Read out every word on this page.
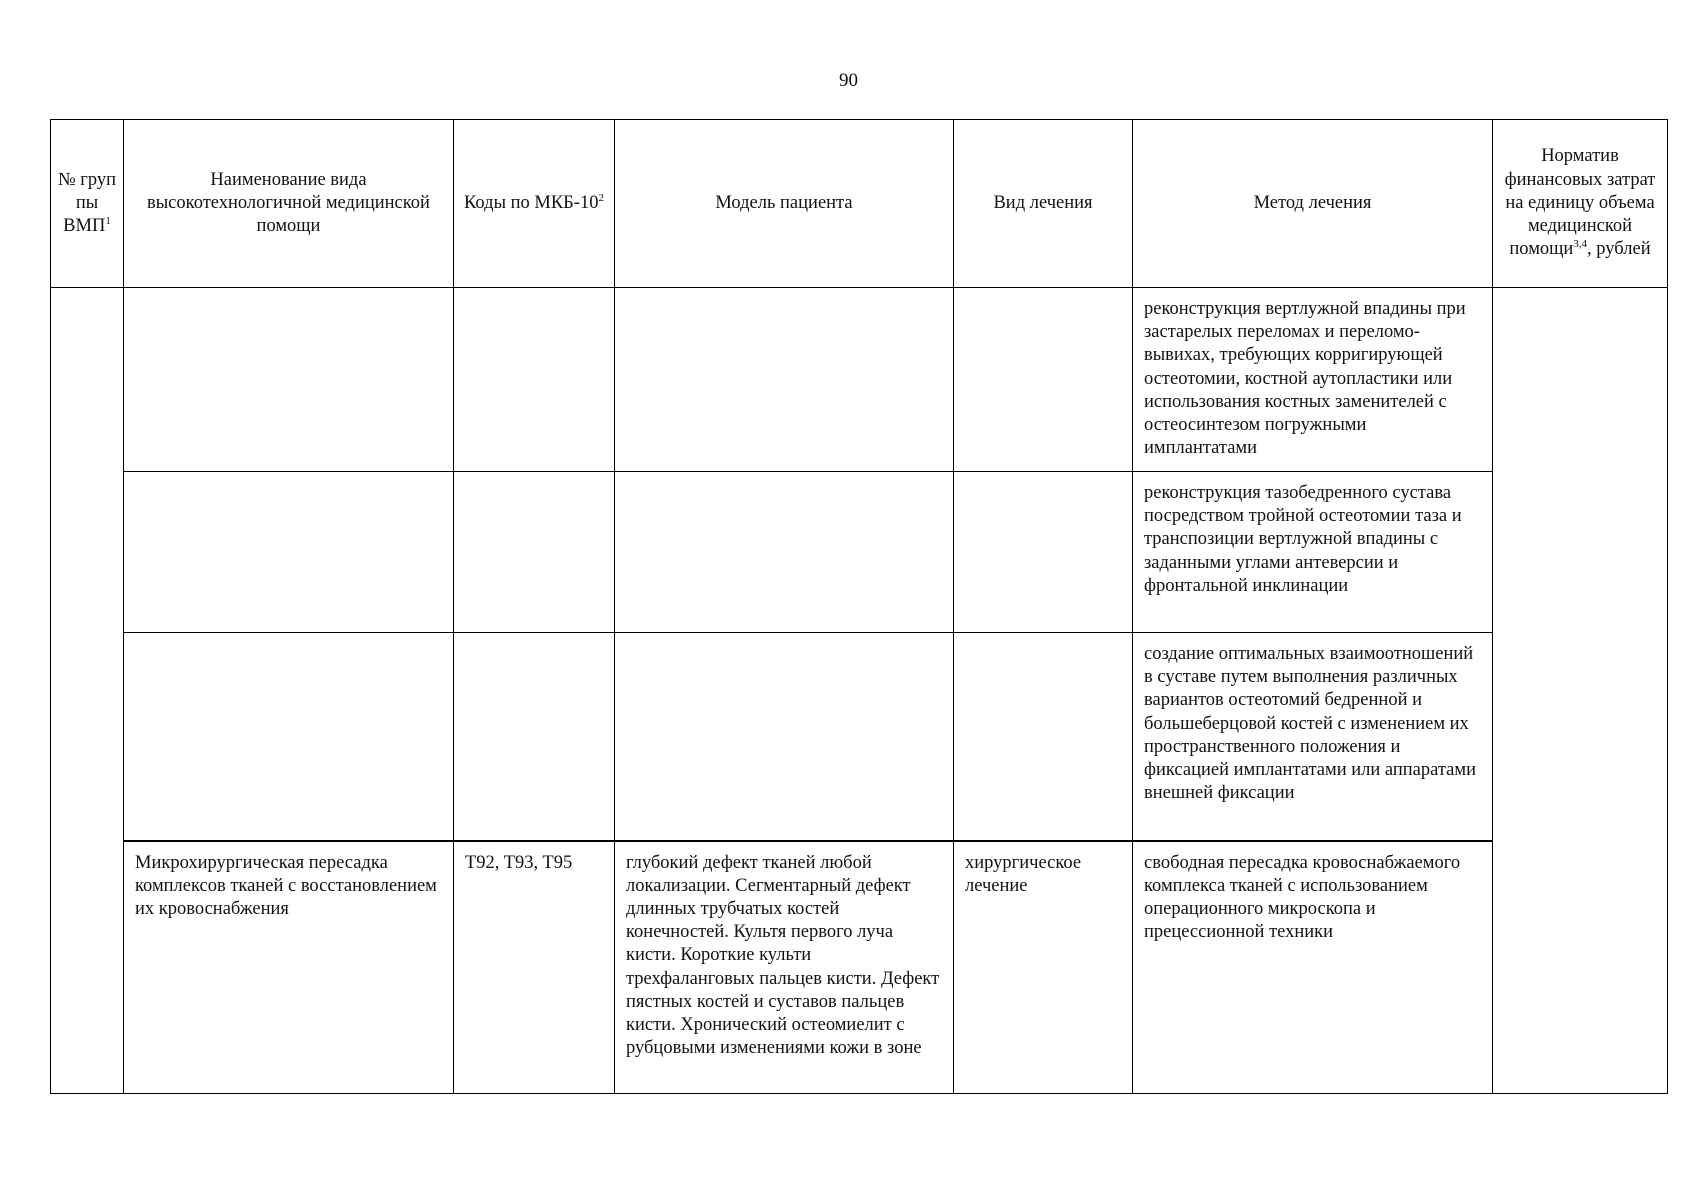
90
№ груп пы ВМП$^1$	Наименование вида высокотехнологичной медицинской помощи	Коды по МКБ-$10^2$	Модель пациента	Вид лечения	Метод лечения	Норматив финансовых затрат на единицу объема медицинской помощи$^{3,4}$, рублей

					реконструкция вертлужной впадины при застарелых переломах и переломо-вывихах, требующих корригирующей остеотомии, костной аутопластики или использования костных заменителей с остеосинтезом погружными имплантатами	

					реконструкция тазобедренного сустава посредством тройной остеотомии таза и транспозиции вертлужной впадины с заданными углами антеверсии и фронтальной инклинации	

					создание оптимальных взаимоотношений в суставе путем выполнения различных вариантов остеотомий бедренной и большеберцовой костей с изменением их пространственного положения и фиксацией имплантатами или аппаратами внешней фиксации	

	Микрохирургическая пересадка комплексов тканей с восстановлением их кровоснабжения	T92, T93, T95	глубокий дефект тканей любой локализации. Сегментарный дефект длинных трубчатых костей конечностей. Культя первого луча кисти. Короткие культи трехфаланговых пальцев кисти. Дефект пястных костей и суставов пальцев кисти. Хронический остеомиелит с рубцовыми изменениями кожи в зоне	хирургическое лечение	свободная пересадка кровоснабжаемого комплекса тканей с использованием операционного микроскопа и прецессионной техники	
